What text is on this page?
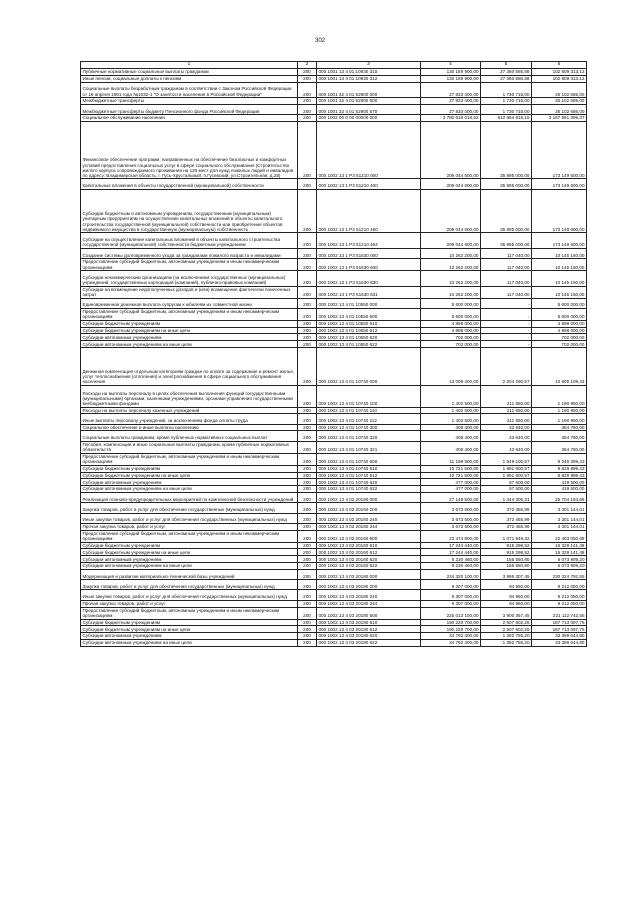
302
1	2	3	4	5	6
Публичные нормативные социальные выплаты гражданам	200	000 1001 13 4 01 10930 310	130 169 900,00	27 360 586,88	102 809 313,12
Иные пенсии, социальные доплаты к пенсиям	200	000 1001 13 4 01 10930 312	130 169 900,00	27 360 586,88	102 809 313,12
Социальные выплаты безработным гражданам в соответствии с Законом Российской Федерации от 19 апреля 1991 года №1032-1 "О занятости населения в Российской Федерации"	200	000 1001 32 4 01 52900 000	27 833 400,00	1 730 715,00	26 102 685,00
Межбюджетные трансферты	200	000 1001 32 4 01 52900 500	27 833 400,00	1 730 715,00	26 102 685,00
Межбюджетные трансферты бюджету Пенсионного фонда Российской Федерации	200	000 1001 32 4 01 52900 570	27 833 400,00	1 730 715,00	26 102 685,00
Социальное обслуживание населения	200	000 1002 00 0 00 00000 000	3 780 616 018,52	612 664 919,15	3 167 951 099,37
Финансовое обеспечение программ, направленных на обеспечение безопасных и комфортных условий предоставления социальных услуг в сфере социального обслуживания (Строительство жилого корпуса сопровождаемого проживания на 130 мест для нужд пожилых людей и инвалидов по адресу: Владимирская область, г. Гусь-Хрустальный, п.Гусевский, ул.Строительная, д.28)	200	000 1002 13 1 P3 51210 000	209 044 600,00	35 895 000,00	173 149 600,00
Капитальные вложения в объекты государственной (муниципальной) собственности	200	000 1002 13 1 P3 51210 400	209 044 600,00	35 895 000,00	173 149 600,00
Субсидии бюджетным и автономным учреждениям, государственным (муниципальным) унитарным предприятиям на осуществление капитальных вложений в объекты капитального строительства государственной (муниципальной) собственности или приобретение объектов недвижимого имущества в государственную (муниципальную) собственность	200	000 1002 13 1 P3 51210 460	209 044 600,00	35 895 000,00	173 149 600,00
Субсидии на осуществление капитальных вложений в объекты капитального строительства государственной (муниципальной) собственности бюджетным учреждениям	200	000 1002 13 1 P3 51210 464	209 044 600,00	35 895 000,00	173 149 600,00
Создание системы долговременного ухода за гражданами пожилого возраста и инвалидами	200	000 1002 13 1 P3 51630 000	10 262 200,00	117 040,00	10 145 160,00
Предоставление субсидий бюджетным, автономным учреждениям и иным некоммерческим организациям	200	000 1002 13 1 P3 51630 600	10 262 200,00	117 040,00	10 145 160,00
Субсидии некоммерческим организациям (за исключением государственных (муниципальных) учреждений, государственных корпораций (компаний), публично-правовых компаний)	200	000 1002 13 1 P3 51630 630	10 262 200,00	117 040,00	10 145 160,00
Субсидии на возмещение недополученных доходов и (или) возмещение фактически понесенных затрат	200	000 1002 13 1 P3 51630 631	10 262 200,00	117 040,00	10 145 160,00
Единовременная денежная выплата супругам к юбилеям их совместной жизни	200	000 1002 13 4 01 10550 000	5 600 000,00	-	5 600 000,00
Предоставление субсидий бюджетным, автономным учреждениям и иным некоммерческим организациям	200	000 1002 13 4 01 10550 600	5 600 000,00	-	5 600 000,00
Субсидии бюджетным учреждениям	200	000 1002 13 4 01 10550 610	4 898 000,00	-	4 898 000,00
Субсидии бюджетным учреждениям на иные цели	200	000 1002 13 4 01 10550 612	4 898 000,00	-	4 898 000,00
Субсидии автономным учреждениям	200	000 1002 13 4 01 10550 620	702 000,00	-	702 000,00
Субсидии автономным учреждениям на иные цели	200	000 1002 13 4 01 10550 622	702 000,00	-	702 000,00
Денежная компенсация отдельным категориям граждан по оплате за содержание и ремонт жилья, услуг теплоснабжения (отопления) и электроснабжения в сфере социального обслуживания населения	200	000 1002 13 4 01 10740 000	13 009 400,00	2 204 290,57	10 805 109,43
Расходы на выплаты персоналу в целях обеспечения выполнения функций государственными (муниципальными) органами, казенными учреждениями, органами управления государственными внебюджетными фондами	200	000 1002 13 4 01 10740 100	1 402 500,00	211 550,00	1 190 950,00
Расходы на выплаты персоналу казенных учреждений	200	000 1002 13 4 01 10740 110	1 402 500,00	211 550,00	1 190 950,00
Иные выплаты персоналу учреждений, за исключением фонда оплаты труда	200	000 1002 13 4 01 10740 112	1 402 500,00	211 550,00	1 190 950,00
Социальное обеспечение и иные выплаты населению	200	000 1002 13 4 01 10740 300	408 400,00	43 640,00	364 760,00
Социальные выплаты гражданам, кроме публичных нормативных социальных выплат	200	000 1002 13 4 01 10740 320	408 400,00	43 640,00	364 760,00
Пособия, компенсации и иные социальные выплаты гражданам, кроме публичных нормативных обязательств	200	000 1002 13 4 01 10740 321	408 400,00	43 640,00	364 760,00
Предоставление субсидий бюджетным, автономным учреждениям и иным некоммерческим организациям	200	000 1002 13 4 01 10740 600	11 198 500,00	1 949 100,57	9 249 399,43
Субсидии бюджетным учреждениям	200	000 1002 13 4 01 10740 610	10 721 500,00	1 891 600,57	8 829 899,43
Субсидии бюджетным учреждениям на иные цели	200	000 1002 13 4 01 10740 612	10 721 500,00	1 891 600,57	8 829 899,43
Субсидии автономным учреждениям	200	000 1002 13 4 01 10740 620	477 000,00	57 500,00	419 500,00
Субсидии автономным учреждениям на иные цели	200	000 1002 13 4 01 10740 622	477 000,00	57 500,00	419 500,00
Реализация планово-предупредительных мероприятий по комплексной безопасности учреждений	200	000 1002 13 4 02 20160 000	27 148 500,00	1 444 305,31	25 704 194,69
Закупка товаров, работ и услуг для обеспечения государственных (муниципальных) нужд	200	000 1002 13 4 02 20160 200	3 673 600,00	372 455,99	3 301 144,01
Иные закупки товаров, работ и услуг для обеспечения государственных (муниципальных) нужд	200	000 1002 13 4 02 20160 240	3 673 600,00	372 455,99	3 301 144,01
Прочая закупка товаров, работ и услуг	200	000 1002 13 4 02 20160 244	3 673 600,00	372 455,99	3 301 144,01
Предоставление субсидий бюджетным, автономным учреждениям и иным некоммерческим организациям	200	000 1002 13 4 02 20160 600	23 474 900,00	1 071 849,32	22 403 050,68
Субсидии бюджетным учреждениям	200	000 1002 13 4 02 20160 610	17 244 440,00	915 298,52	16 329 141,48
Субсидии бюджетным учреждениям на иные цели	200	000 1002 13 4 02 20160 612	17 244 440,00	915 298,52	16 329 141,48
Субсидии автономным учреждениям	200	000 1002 13 4 02 20160 620	6 230 460,00	156 550,80	6 073 909,20
Субсидии автономным учреждениям на иные цели	200	000 1002 13 4 02 20160 622	6 230 460,00	156 550,80	6 073 909,20
Модернизация и развитие материально-технической базы учреждений	200	000 1002 13 4 03 20180 000	234 320 100,00	3 995 307,45	230 324 792,55
Закупка товаров, работ и услуг для обеспечения государственных (муниципальных) нужд	200	000 1002 13 4 03 20180 200	9 307 000,00	94 950,00	9 212 050,00
Иные закупки товаров, работ и услуг для обеспечения государственных (муниципальных) нужд	200	000 1002 13 4 03 20180 240	9 307 000,00	94 950,00	9 212 050,00
Прочая закупка товаров, работ и услуг	200	000 1002 13 4 03 20180 244	9 307 000,00	94 950,00	9 212 050,00
Предоставление субсидий бюджетным, автономным учреждениям и иным некоммерческим организациям	200	000 1002 13 4 03 20180 600	225 013 100,00	3 900 357,45	221 112 742,55
Субсидии бюджетным учреждениям	200	000 1002 13 4 03 20180 610	190 220 700,00	2 507 602,25	187 713 097,75
Субсидии бюджетным учреждениям на иные цели	200	000 1002 13 4 03 20180 612	190 220 700,00	2 507 602,25	187 713 097,75
Субсидии автономным учреждениям	200	000 1002 13 4 03 20180 620	34 792 400,00	1 392 755,20	33 399 644,80
Субсидии автономным учреждениям на иные цели	200	000 1002 13 4 03 20180 622	34 792 400,00	1 392 755,20	33 399 644,80
